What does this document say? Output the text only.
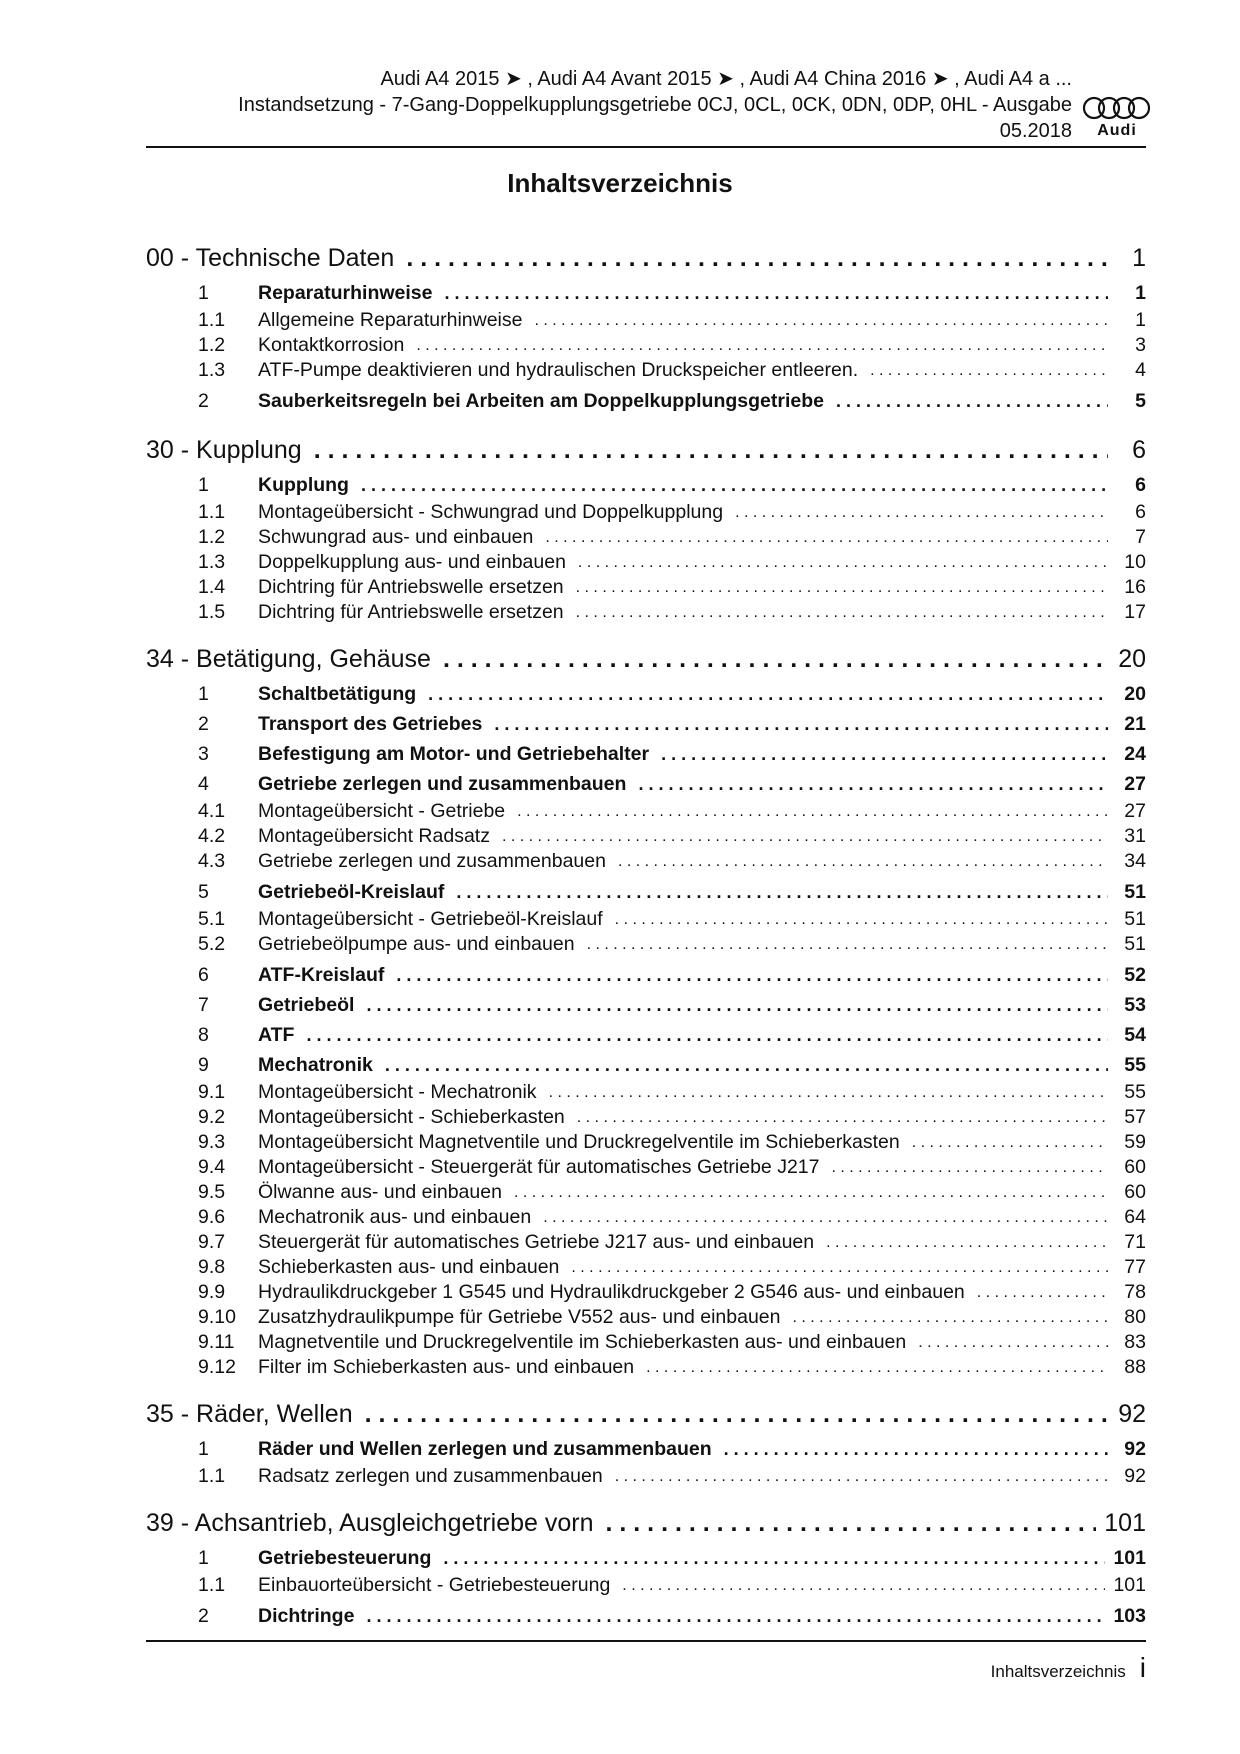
Audi A4 2015 ➤ , Audi A4 Avant 2015 ➤ , Audi A4 China 2016 ➤ , Audi A4 a ...
Instandsetzung - 7-Gang-Doppelkupplungsgetriebe 0CJ, 0CL, 0CK, 0DN, 0DP, 0HL - Ausgabe
05.2018	Audi
Inhaltsverzeichnis
00 - Technische Daten . . .	1
1	Reparaturhinweise . . .	1
1.1	Allgemeine Reparaturhinweise . . .	1
1.2	Kontaktkorrosion . . .	3
1.3	ATF-Pumpe deaktivieren und hydraulischen Druckspeicher entleeren. . . .	4
2	Sauberkeitsregeln bei Arbeiten am Doppelkupplungsgetriebe . . .	5
30 - Kupplung . . .	6
1	Kupplung . . .	6
1.1	Montageübersicht - Schwungrad und Doppelkupplung . . .	6
1.2	Schwungrad aus- und einbauen . . .	7
1.3	Doppelkupplung aus- und einbauen . . .	10
1.4	Dichtring für Antriebswelle ersetzen . . .	16
1.5	Dichtring für Antriebswelle ersetzen . . .	17
34 - Betätigung, Gehäuse . . .	20
1	Schaltbetätigung . . .	20
2	Transport des Getriebes . . .	21
3	Befestigung am Motor- und Getriebehalter . . .	24
4	Getriebe zerlegen und zusammenbauen . . .	27
4.1	Montageübersicht - Getriebe . . .	27
4.2	Montageübersicht Radsatz . . .	31
4.3	Getriebe zerlegen und zusammenbauen . . .	34
5	Getriebeöl-Kreislauf . . .	51
5.1	Montageübersicht - Getriebeöl-Kreislauf . . .	51
5.2	Getriebeölpumpe aus- und einbauen . . .	51
6	ATF-Kreislauf . . .	52
7	Getriebeöl . . .	53
8	ATF . . .	54
9	Mechatronik . . .	55
9.1	Montageübersicht - Mechatronik . . .	55
9.2	Montageübersicht - Schieberkasten . . .	57
9.3	Montageübersicht Magnetventile und Druckregelventile im Schieberkasten . . .	59
9.4	Montageübersicht - Steuergerät für automatisches Getriebe J217 . . .	60
9.5	Ölwanne aus- und einbauen . . .	60
9.6	Mechatronik aus- und einbauen . . .	64
9.7	Steuergerät für automatisches Getriebe J217 aus- und einbauen . . .	71
9.8	Schieberkasten aus- und einbauen . . .	77
9.9	Hydraulikdruckgeber 1 G545 und Hydraulikdruckgeber 2 G546 aus- und einbauen . . .	78
9.10	Zusatzhydraulikpumpe für Getriebe V552 aus- und einbauen . . .	80
9.11	Magnetventile und Druckregelventile im Schieberkasten aus- und einbauen . . .	83
9.12	Filter im Schieberkasten aus- und einbauen . . .	88
35 - Räder, Wellen . . .	92
1	Räder und Wellen zerlegen und zusammenbauen . . .	92
1.1	Radsatz zerlegen und zusammenbauen . . .	92
39 - Achsantrieb, Ausgleichgetriebe vorn . . .	101
1	Getriebesteuerung . . .	101
1.1	Einbauorteübersicht - Getriebesteuerung . . .	101
2	Dichtringe . . .	103
Inhaltsverzeichnis i
